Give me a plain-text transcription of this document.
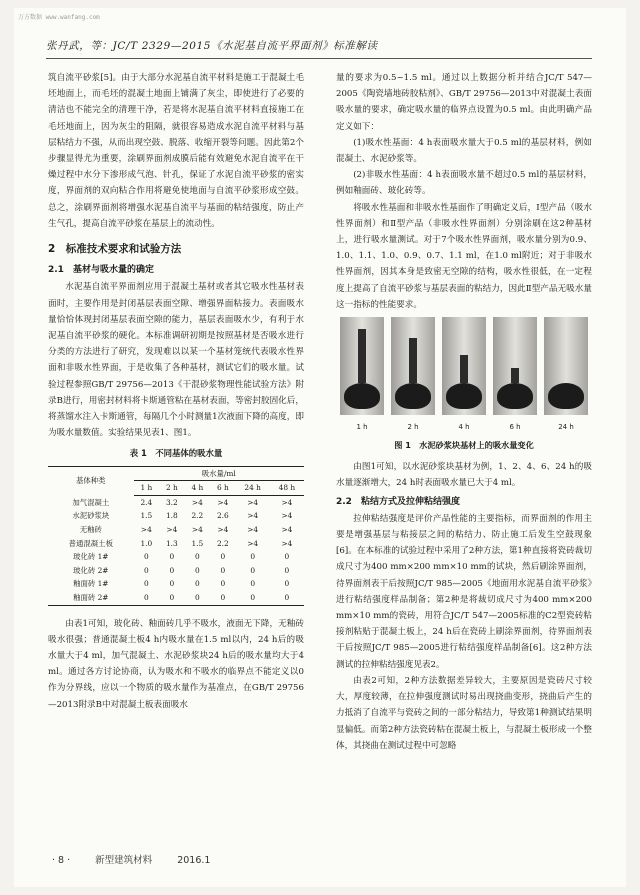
万方数据 www.wanfang.com
张丹武，等：JC/T 2329—2015《水泥基自流平界面剂》标准解读

筑自流平砂浆[5]。由于大部分水泥基自流平材料是施工于混凝土毛坯地面上，而毛坯的混凝土地面上铺满了灰尘，即使进行了必要的清洁也不能完全的清理干净，若是将水泥基自流平材料直接施工在毛坯地面上，因为灰尘的阻隔，就很容易造成水泥自流平材料与基层粘结力不强，从而出现空鼓、脱落、收缩开裂等问题。因此第2个步骤显得尤为重要，涂刷界面剂成膜后能有效避免水泥自流平在干燥过程中水分下渗形成气泡、针孔，保证了水泥自流平砂浆的密实度，界面剂的双向粘合作用将避免使地面与自流平砂浆形成空鼓。总之，涂刷界面剂将增强水泥基自流平与基面的粘结强度，防止产生气孔，提高自流平砂浆在基层上的流动性。

2　标准技术要求和试验方法
2.1　基材与吸水量的确定

水泥基自流平界面剂应用于混凝土基材或者其它吸水性基材表面时，主要作用是封闭基层表面空隙、增强界面粘接力。表面吸水量恰恰体现封闭基层表面空隙的能力，基层表面吸水少，有利于水泥基自流平砂浆的硬化。本标准调研初期是按照基材是否吸水进行分类的方法进行了研究，发现难以以某一个基材笼统代表吸水性界面和非吸水性界面，于是收集了各种基材，测试它们的吸水量。试验过程参照GB/T 29756—2013《干混砂浆物理性能试验方法》附录B进行，用密封材料将卡斯通管粘在基材表面，等密封胶固化后，将蒸馏水注入卡斯通管，每隔几个小时测量1次液面下降的高度，即为吸水量数值。实验结果见表1、图1。

表 1　不同基体的吸水量
基体种类	吸水量/ml					
	1 h	2 h	4 h	6 h	24 h	48 h
加气混凝土	2.4	3.2	>4	>4	>4	>4
水泥砂浆块	1.5	1.8	2.2	2.6	>4	>4
无釉砖	>4	>4	>4	>4	>4	>4
普通混凝土板	1.0	1.3	1.5	2.2	>4	>4
玻化砖 1#	0	0	0	0	0	0
玻化砖 2#	0	0	0	0	0	0
釉面砖 1#	0	0	0	0	0	0
釉面砖 2#	0	0	0	0	0	0

由表1可知，玻化砖、釉面砖几乎不吸水，液面无下降，无釉砖吸水很强；普通混凝土板4 h内吸水量在1.5 ml以内，24 h后的吸水量大于4 ml，加气混凝土、水泥砂浆块24 h后的吸水量均大于4 ml。通过各方讨论协商，认为吸水和不吸水的临界点不能定义以0作为分界线，应以一个物质的吸水量作为基准点，在GB/T 29756—2013附录B中对混凝土板表面吸水

量的要求为0.5~1.5 ml。通过以上数据分析并结合JC/T 547—2005《陶瓷墙地砖胶粘剂》、GB/T 29756—2013中对混凝土表面吸水量的要求，确定吸水量的临界点设置为0.5 ml。由此明确产品定义如下：

(1)吸水性基面：4 h表面吸水量大于0.5 ml的基层材料，例如混凝土、水泥砂浆等。

(2)非吸水性基面：4 h表面吸水量不超过0.5 ml的基层材料，例如釉面砖、玻化砖等。

将吸水性基面和非吸水性基面作了明确定义后，Ⅰ型产品（吸水性界面剂）和Ⅱ型产品（非吸水性界面剂）分别涂刷在这2种基材上，进行吸水量测试。对于7个吸水性界面剂，吸水量分别为0.9、1.0、1.1、1.0、0.9、0.7、1.1 ml，在1.0 ml附近；对于非吸水性界面剂，因其本身是致密无空隙的结构，吸水性很低，在一定程度上提高了自流平砂浆与基层表面的粘结力，因此Ⅱ型产品无吸水量这一指标的性能要求。

1 h	2 h	4 h	6 h	24 h
图 1　水泥砂浆块基材上的吸水量变化

由图1可知，以水泥砂浆块基材为例，1、2、4、6、24 h的吸水量逐渐增大，24 h时表面吸水量已大于4 ml。

2.2　粘结方式及拉伸粘结强度

拉伸粘结强度是评价产品性能的主要指标，而界面剂的作用主要是增强基层与粘接层之间的粘结力、防止施工后发生空鼓现象[6]。在本标准的试验过程中采用了2种方法，第1种直接将瓷砖裁切成尺寸为400 mm×200 mm×10 mm的试块，然后刷涂界面剂，待界面剂表干后按照JC/T 985—2005《地面用水泥基自流平砂浆》进行粘结强度样品制备；第2种是将裁切成尺寸为400 mm×200 mm×10 mm的瓷砖，用符合JC/T 547—2005标准的C2型瓷砖粘接剂粘贴于混凝土板上，24 h后在瓷砖上刷涂界面剂，待界面剂表干后按照JC/T 985—2005进行粘结强度样品制备[6]。这2种方法测试的拉伸粘结强度见表2。

由表2可知，2种方法数据差异较大，主要原因是瓷砖尺寸较大，厚度较薄，在拉伸强度测试时易出现挠曲变形，挠曲后产生的力抵消了自流平与瓷砖之间的一部分粘结力，导致第1种测试结果明显偏低。而第2种方法瓷砖粘在混凝土板上，与混凝土板形成一个整体，其挠曲在测试过程中可忽略

· 8 ·	新型建筑材料	2016.1
